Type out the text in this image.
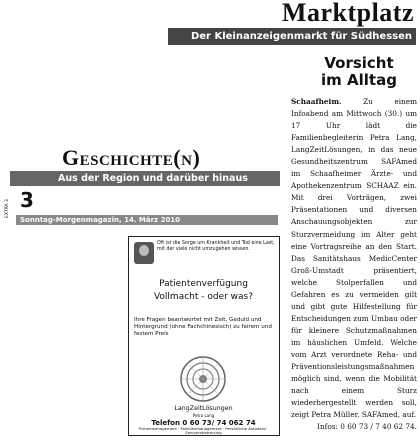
Marktplatz
Der Kleinanzeigenmarkt für Südhessen
Vorsicht
im Alltag
Schaafheim.	Zu einem Infoabend am Mittwoch (30.) um 17 Uhr lädt die Familienbegleiterin Petra Lang, LangZeitLösungen, in das neue Gesundheitszentrum SAFAmed im Schaafheimer Ärzte- und Apothekenzentrum SCHAAZ ein. Mit drei Vorträgen, zwei Präsentationen und diversen Anschauungsobjekten zur Sturzvermeidung im Alter geht eine Vortragsreihe an den Start. Das Sanitätshaus MedicCenter Groß-Umstadt präsentiert, welche Stolperfallen und Gefahren es zu vermeiden gilt und gibt gute Hilfestellung für Entscheidungen zum Umbau oder für kleinere Schutzmaßnahmen im häuslichen Umfeld. Welche vom Arzt verordnete Reha- und Präventionsleistungsmaßnahmen möglich sind, wenn die Mobilität nach einem Sturz wiederhergestellt werden soll, zeigt Petra Müller, SAFAmed, auf.
Infos: 0 60 73 / 7 40 62 74.
Geschichte(n)
Aus der Region und darüber hinaus
EXTRA 3 3
Sonntag-Morgenmagazin, 14. März 2010
Oft ist die Sorge um Krankheit und Tod eine Last, mit der viele nicht umzugehen wissen.
Patientenverfügung
Vollmacht - oder was?
Ihre Fragen beantwortet mit Zeit, Geduld und Hintergrund (ohne Fachchinesisch) zu fairem und festem Preis
LangZeitLösungen
Petra Lang
Telefon 0 60 73/ 74 062 74
Firmenmanagement · Familienmanagement · Persönliche Assistenz · Seniorenbetreuung
